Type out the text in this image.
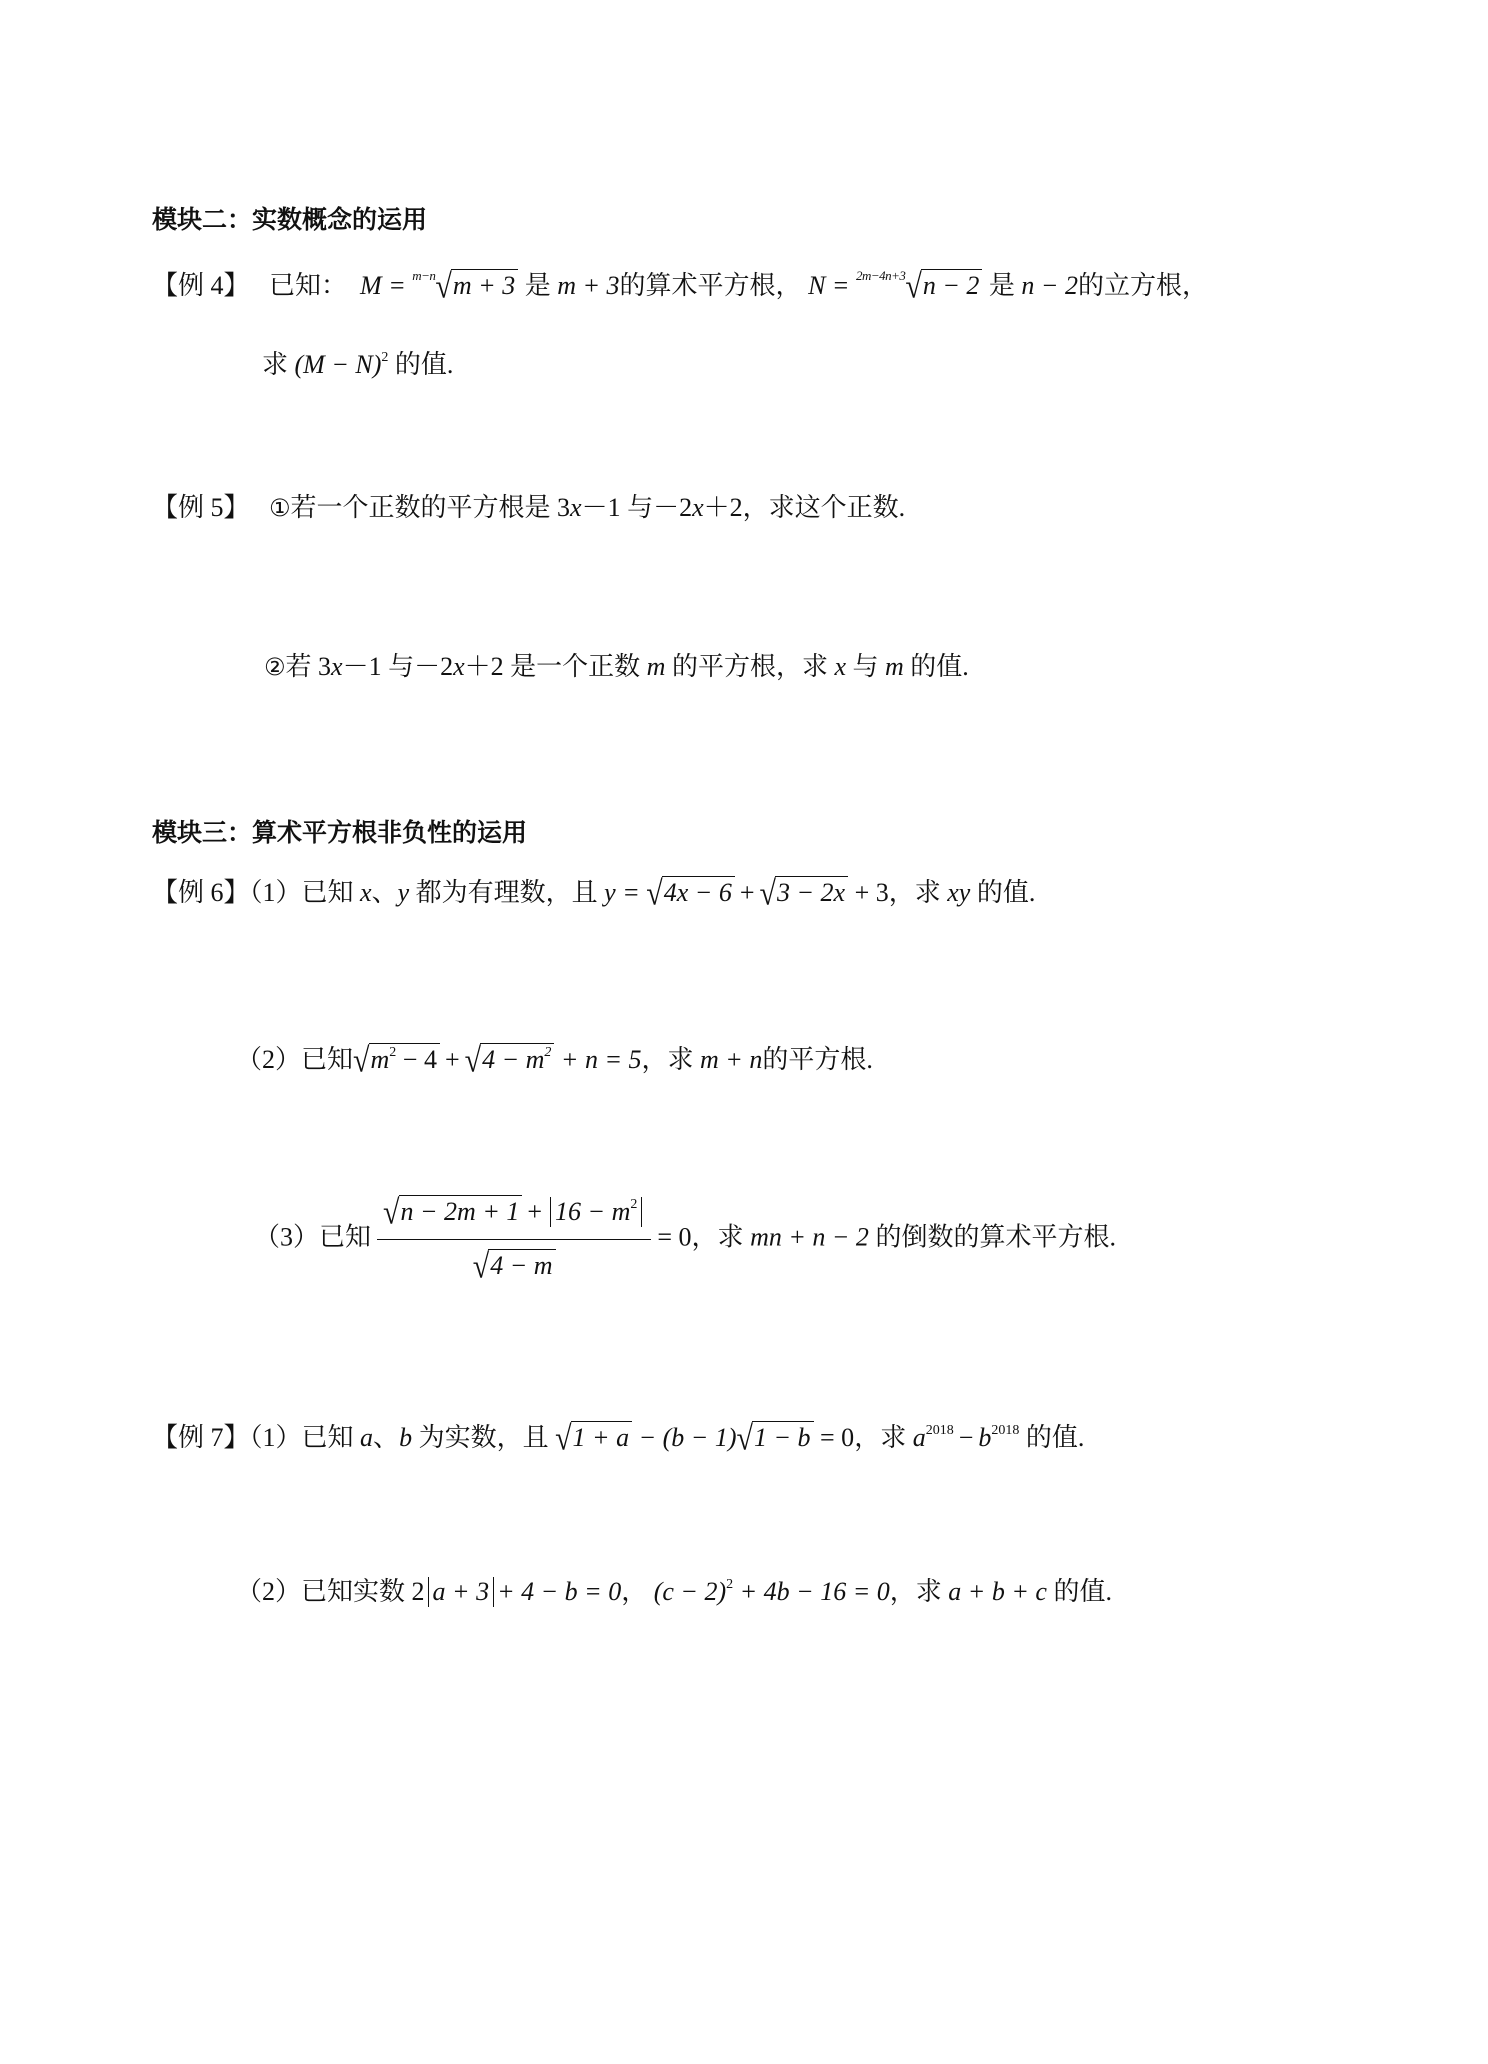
模块二：实数概念的运用
【例 4】 已知： M = $^{m-n}$√m + 3 是 m + 3的算术平方根， N = $^{2m-4n+3}$√n − 2 是 n − 2的立方根，
求 $(M - N)^2$ 的值.
【例 5】 ①若一个正数的平方根是 3x－1 与－2x＋2，求这个正数.
②若 3x－1 与－2x＋2 是一个正数 m 的平方根，求 x 与 m 的值.
模块三：算术平方根非负性的运用
【例 6】（1）已知 x、y 都为有理数，且 y = √4x − 6 + √3 − 2x + 3，求 xy 的值.
（2）已知$√m^2 - 4 + √4 - m^2 + n = 5$，求 m + n的平方根.
（3）已知 $\frac{√n - 2m + 1 + 16 - m^2}{√4 - m} = 0$，求 mn + n − 2 的倒数的算术平方根.
【例 7】（1）已知 a、b 为实数，且 √1 + a − (b − 1)√1 − b = 0，求 $a^{2018} - b^{2018}$ 的值.
（2）已知实数 2 a + 3 + 4 − b = 0， $(c - 2)^2 + 4b - 16 = 0$，求 a + b + c 的值.
